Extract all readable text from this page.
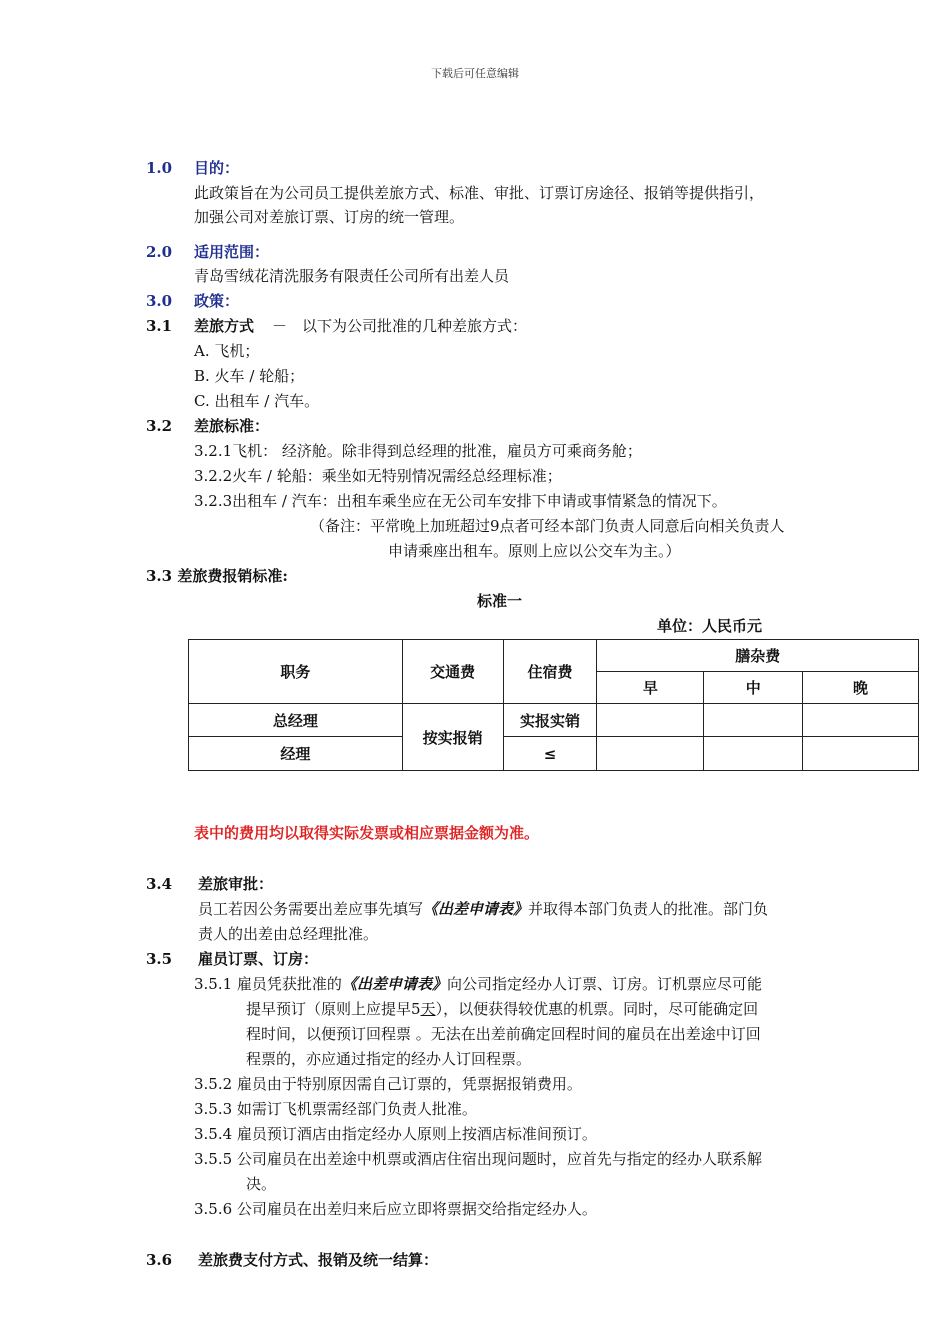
下载后可任意编辑
1.0 目的：
此政策旨在为公司员工提供差旅方式、标准、审批、订票订房途径、报销等提供指引，
加强公司对差旅订票、订房的统一管理。
2.0 适用范围：
青岛雪绒花清洗服务有限责任公司所有出差人员
3.0 政策：
3.1 差旅方式 － 以下为公司批准的几种差旅方式：
A. 飞机；
B. 火车 / 轮船；
C. 出租车 / 汽车。
3.2 差旅标准：
3.2.1飞机： 经济舱。除非得到总经理的批准，雇员方可乘商务舱；
3.2.2火车 / 轮船：乘坐如无特别情况需经总经理标准；
3.2.3出租车 / 汽车：出租车乘坐应在无公司车安排下申请或事情紧急的情况下。
（备注：平常晚上加班超过9点者可经本部门负责人同意后向相关负责人
申请乘座出租车。原则上应以公交车为主。）
3.3 差旅费报销标准:
标准一
单位：人民币元
职务	交通费	住宿费	膳杂费		
			早	中	晚
总经理	按实报销	实报实销			
经理		≤			
表中的费用均以取得实际发票或相应票据金额为准。
3.4 差旅审批：
员工若因公务需要出差应事先填写《出差申请表》并取得本部门负责人的批准。部门负
责人的出差由总经理批准。
3.5 雇员订票、订房：
3.5.1 雇员凭获批准的《出差申请表》向公司指定经办人订票、订房。订机票应尽可能
提早预订（原则上应提早5天），以便获得较优惠的机票。同时，尽可能确定回
程时间，以便预订回程票 。无法在出差前确定回程时间的雇员在出差途中订回
程票的，亦应通过指定的经办人订回程票。
3.5.2 雇员由于特别原因需自己订票的，凭票据报销费用。
3.5.3 如需订飞机票需经部门负责人批准。
3.5.4 雇员预订酒店由指定经办人原则上按酒店标准间预订。
3.5.5 公司雇员在出差途中机票或酒店住宿出现问题时，应首先与指定的经办人联系解
决。
3.5.6 公司雇员在出差归来后应立即将票据交给指定经办人。
3.6 差旅费支付方式、报销及统一结算：
